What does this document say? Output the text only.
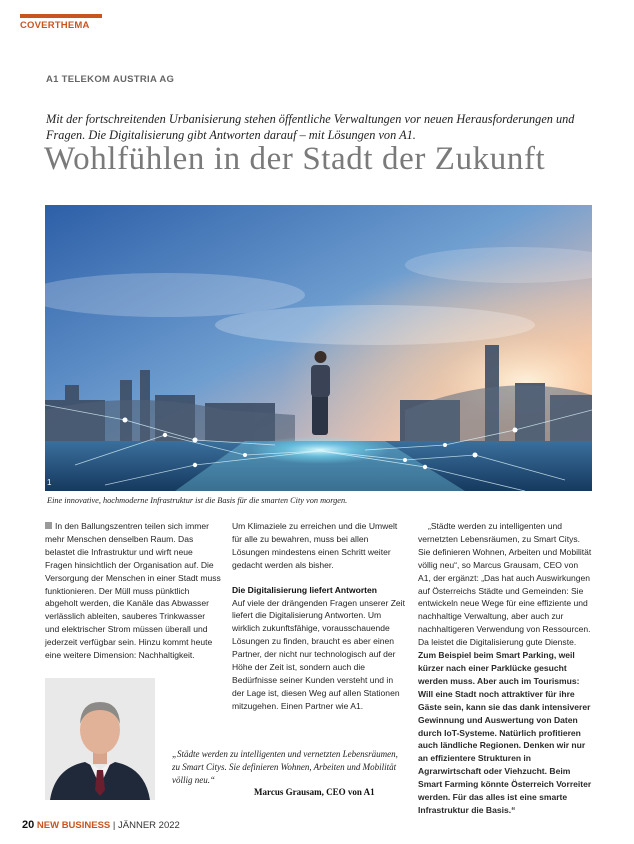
COVERTHEMA
A1 TELEKOM AUSTRIA AG
Mit der fortschreitenden Urbanisierung stehen öffentliche Verwaltungen vor neuen Herausforderungen und Fragen. Die Digitalisierung gibt Antworten darauf – mit Lösungen von A1.
Wohlfühlen in der Stadt der Zukunft
1
Eine innovative, hochmoderne Infrastruktur ist die Basis für die smarten City von morgen.

In den Ballungszentren teilen sich immer mehr Menschen denselben Raum. Das belastet die Infrastruktur und wirft neue Fragen hinsichtlich der Organisation auf. Die Versorgung der Menschen in einer Stadt muss funktionieren. Der Müll muss pünktlich abgeholt werden, die Kanäle das Abwasser verlässlich ableiten, sauberes Trinkwasser und elektrischer Strom müssen überall und jederzeit verfügbar sein. Hinzu kommt heute eine weitere Dimension: Nachhaltigkeit.

Um Klimaziele zu erreichen und die Umwelt für alle zu bewahren, muss bei allen Lösungen mindestens einen Schritt weiter gedacht werden als bisher.

Die Digitalisierung liefert Antworten

Auf viele der drängenden Fragen unserer Zeit liefert die Digitalisierung Antworten. Um wirklich zukunftsfähige, vorausschauende Lösungen zu finden, braucht es aber einen Partner, der nicht nur technologisch auf der Höhe der Zeit ist, sondern auch die Bedürfnisse seiner Kunden versteht und in der Lage ist, diesen Weg auf allen Stationen mitzugehen. Einen Partner wie A1.

„Städte werden zu intelligenten und vernetzten Lebensräumen, zu Smart Citys. Sie definieren Wohnen, Arbeiten und Mobilität völlig neu“, so Marcus Grausam, CEO von A1, der ergänzt: „Das hat auch Auswirkungen auf Österreichs Städte und Gemeinden: Sie entwickeln neue Wege für eine effiziente und nachhaltige Verwaltung, aber auch zur nachhaltigeren Verwendung von Ressourcen. Da leistet die Digitalisierung gute Dienste.

Zum Beispiel beim Smart Parking, weil kürzer nach einer Parklücke gesucht werden muss. Aber auch im Tourismus: Will eine Stadt noch attraktiver für ihre Gäste sein, kann sie das dank intensiverer Gewinnung und Auswertung von Daten durch IoT-Systeme. Natürlich profitieren auch ländliche Regionen. Denken wir nur an effizientere Strukturen in Agrarwirtschaft oder Viehzucht. Beim Smart Farming könnte Österreich Vorreiter werden. Für das alles ist eine smarte Infrastruktur die Basis.“

„Städte werden zu intelligenten und vernetzten Lebensräumen, zu Smart Citys. Sie definieren Wohnen, Arbeiten und Mobilität völlig neu.“
Marcus Grausam, CEO von A1
20 NEW BUSINESS | JÄNNER 2022
